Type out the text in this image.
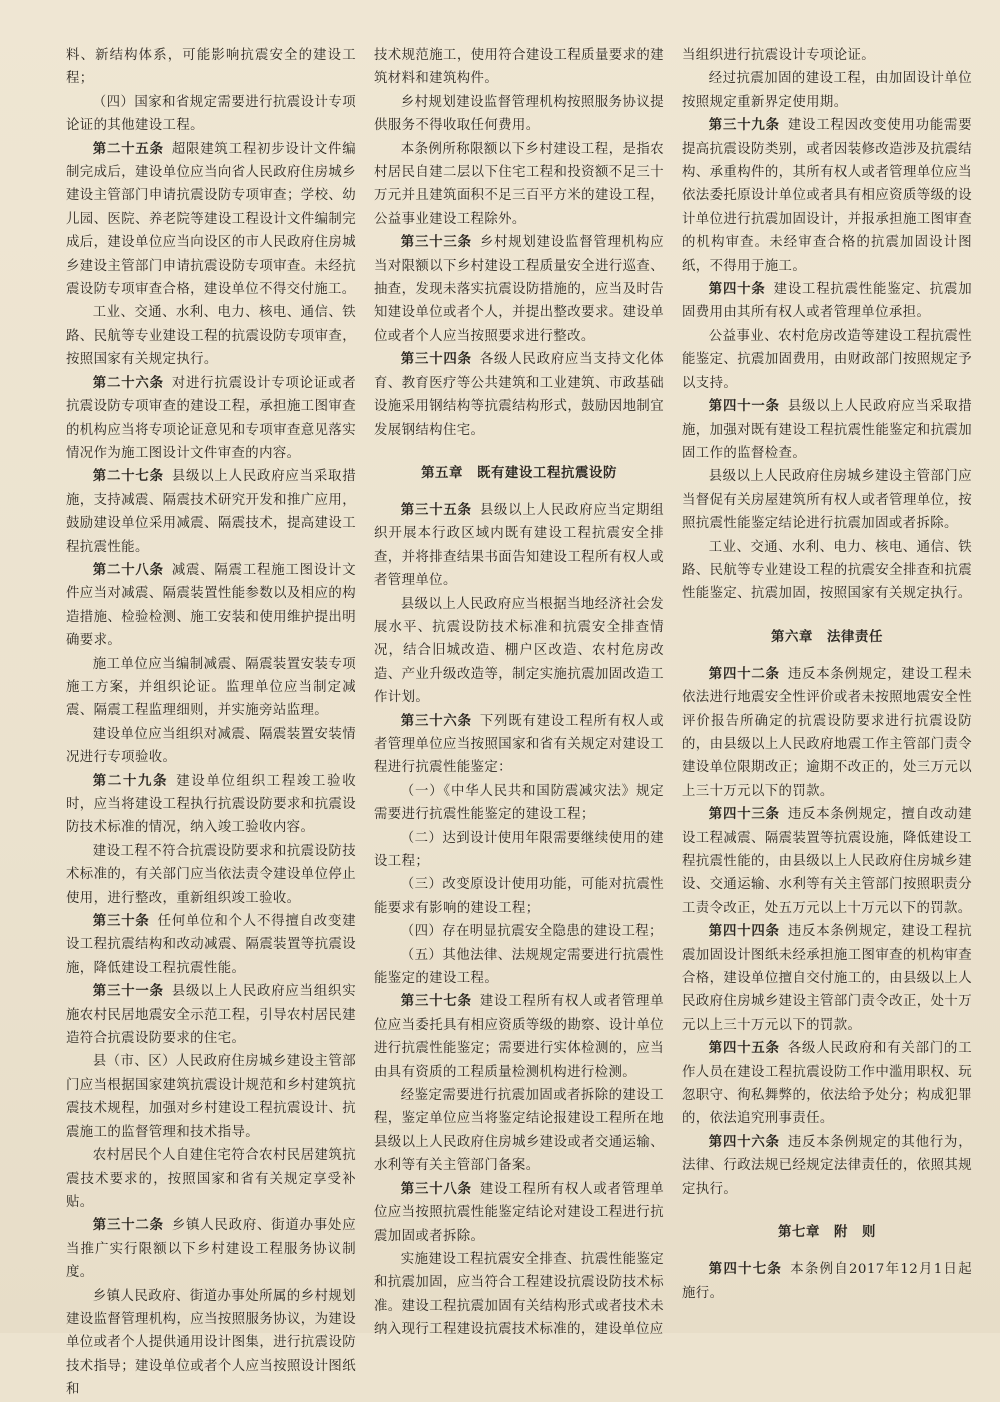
料、新结构体系，可能影响抗震安全的建设工程；

（四）国家和省规定需要进行抗震设计专项论证的其他建设工程。

第二十五条 超限建筑工程初步设计文件编制完成后，建设单位应当向省人民政府住房城乡建设主管部门申请抗震设防专项审查；学校、幼儿园、医院、养老院等建设工程设计文件编制完成后，建设单位应当向设区的市人民政府住房城乡建设主管部门申请抗震设防专项审查。未经抗震设防专项审查合格，建设单位不得交付施工。

工业、交通、水利、电力、核电、通信、铁路、民航等专业建设工程的抗震设防专项审查，按照国家有关规定执行。

第二十六条 对进行抗震设计专项论证或者抗震设防专项审查的建设工程，承担施工图审查的机构应当将专项论证意见和专项审查意见落实情况作为施工图设计文件审查的内容。

第二十七条 县级以上人民政府应当采取措施，支持减震、隔震技术研究开发和推广应用，鼓励建设单位采用减震、隔震技术，提高建设工程抗震性能。

第二十八条 减震、隔震工程施工图设计文件应当对减震、隔震装置性能参数以及相应的构造措施、检验检测、施工安装和使用维护提出明确要求。

施工单位应当编制减震、隔震装置安装专项施工方案，并组织论证。监理单位应当制定减震、隔震工程监理细则，并实施旁站监理。

建设单位应当组织对减震、隔震装置安装情况进行专项验收。

第二十九条 建设单位组织工程竣工验收时，应当将建设工程执行抗震设防要求和抗震设防技术标准的情况，纳入竣工验收内容。

建设工程不符合抗震设防要求和抗震设防技术标准的，有关部门应当依法责令建设单位停止使用，进行整改，重新组织竣工验收。

第三十条 任何单位和个人不得擅自改变建设工程抗震结构和改动减震、隔震装置等抗震设施，降低建设工程抗震性能。

第三十一条 县级以上人民政府应当组织实施农村民居地震安全示范工程，引导农村居民建造符合抗震设防要求的住宅。

县（市、区）人民政府住房城乡建设主管部门应当根据国家建筑抗震设计规范和乡村建筑抗震技术规程，加强对乡村建设工程抗震设计、抗震施工的监督管理和技术指导。

农村居民个人自建住宅符合农村民居建筑抗震技术要求的，按照国家和省有关规定享受补贴。

第三十二条 乡镇人民政府、街道办事处应当推广实行限额以下乡村建设工程服务协议制度。

乡镇人民政府、街道办事处所属的乡村规划建设监督管理机构，应当按照服务协议，为建设单位或者个人提供通用设计图集，进行抗震设防技术指导；建设单位或者个人应当按照设计图纸和

技术规范施工，使用符合建设工程质量要求的建筑材料和建筑构件。

乡村规划建设监督管理机构按照服务协议提供服务不得收取任何费用。

本条例所称限额以下乡村建设工程，是指农村居民自建二层以下住宅工程和投资额不足三十万元并且建筑面积不足三百平方米的建设工程，公益事业建设工程除外。

第三十三条 乡村规划建设监督管理机构应当对限额以下乡村建设工程质量安全进行巡查、抽查，发现未落实抗震设防措施的，应当及时告知建设单位或者个人，并提出整改要求。建设单位或者个人应当按照要求进行整改。

第三十四条 各级人民政府应当支持文化体育、教育医疗等公共建筑和工业建筑、市政基础设施采用钢结构等抗震结构形式，鼓励因地制宜发展钢结构住宅。

第五章　既有建设工程抗震设防

第三十五条 县级以上人民政府应当定期组织开展本行政区域内既有建设工程抗震安全排查，并将排查结果书面告知建设工程所有权人或者管理单位。

县级以上人民政府应当根据当地经济社会发展水平、抗震设防技术标准和抗震安全排查情况，结合旧城改造、棚户区改造、农村危房改造、产业升级改造等，制定实施抗震加固改造工作计划。

第三十六条 下列既有建设工程所有权人或者管理单位应当按照国家和省有关规定对建设工程进行抗震性能鉴定：

（一）《中华人民共和国防震减灾法》规定需要进行抗震性能鉴定的建设工程；

（二）达到设计使用年限需要继续使用的建设工程；

（三）改变原设计使用功能，可能对抗震性能要求有影响的建设工程；

（四）存在明显抗震安全隐患的建设工程；

（五）其他法律、法规规定需要进行抗震性能鉴定的建设工程。

第三十七条 建设工程所有权人或者管理单位应当委托具有相应资质等级的勘察、设计单位进行抗震性能鉴定；需要进行实体检测的，应当由具有资质的工程质量检测机构进行检测。

经鉴定需要进行抗震加固或者拆除的建设工程，鉴定单位应当将鉴定结论报建设工程所在地县级以上人民政府住房城乡建设或者交通运输、水利等有关主管部门备案。

第三十八条 建设工程所有权人或者管理单位应当按照抗震性能鉴定结论对建设工程进行抗震加固或者拆除。

实施建设工程抗震安全排查、抗震性能鉴定和抗震加固，应当符合工程建设抗震设防技术标准。建设工程抗震加固有关结构形式或者技术未纳入现行工程建设抗震技术标准的，建设单位应

当组织进行抗震设计专项论证。

经过抗震加固的建设工程，由加固设计单位按照规定重新界定使用期。

第三十九条 建设工程因改变使用功能需要提高抗震设防类别，或者因装修改造涉及抗震结构、承重构件的，其所有权人或者管理单位应当依法委托原设计单位或者具有相应资质等级的设计单位进行抗震加固设计，并报承担施工图审查的机构审查。未经审查合格的抗震加固设计图纸，不得用于施工。

第四十条 建设工程抗震性能鉴定、抗震加固费用由其所有权人或者管理单位承担。

公益事业、农村危房改造等建设工程抗震性能鉴定、抗震加固费用，由财政部门按照规定予以支持。

第四十一条 县级以上人民政府应当采取措施，加强对既有建设工程抗震性能鉴定和抗震加固工作的监督检查。

县级以上人民政府住房城乡建设主管部门应当督促有关房屋建筑所有权人或者管理单位，按照抗震性能鉴定结论进行抗震加固或者拆除。

工业、交通、水利、电力、核电、通信、铁路、民航等专业建设工程的抗震安全排查和抗震性能鉴定、抗震加固，按照国家有关规定执行。

第六章　法律责任

第四十二条 违反本条例规定，建设工程未依法进行地震安全性评价或者未按照地震安全性评价报告所确定的抗震设防要求进行抗震设防的，由县级以上人民政府地震工作主管部门责令建设单位限期改正；逾期不改正的，处三万元以上三十万元以下的罚款。

第四十三条 违反本条例规定，擅自改动建设工程减震、隔震装置等抗震设施，降低建设工程抗震性能的，由县级以上人民政府住房城乡建设、交通运输、水利等有关主管部门按照职责分工责令改正，处五万元以上十万元以下的罚款。

第四十四条 违反本条例规定，建设工程抗震加固设计图纸未经承担施工图审查的机构审查合格，建设单位擅自交付施工的，由县级以上人民政府住房城乡建设主管部门责令改正，处十万元以上三十万元以下的罚款。

第四十五条 各级人民政府和有关部门的工作人员在建设工程抗震设防工作中滥用职权、玩忽职守、徇私舞弊的，依法给予处分；构成犯罪的，依法追究刑事责任。

第四十六条 违反本条例规定的其他行为，法律、行政法规已经规定法律责任的，依照其规定执行。

第七章　附　则

第四十七条 本条例自2017年12月1日起施行。
